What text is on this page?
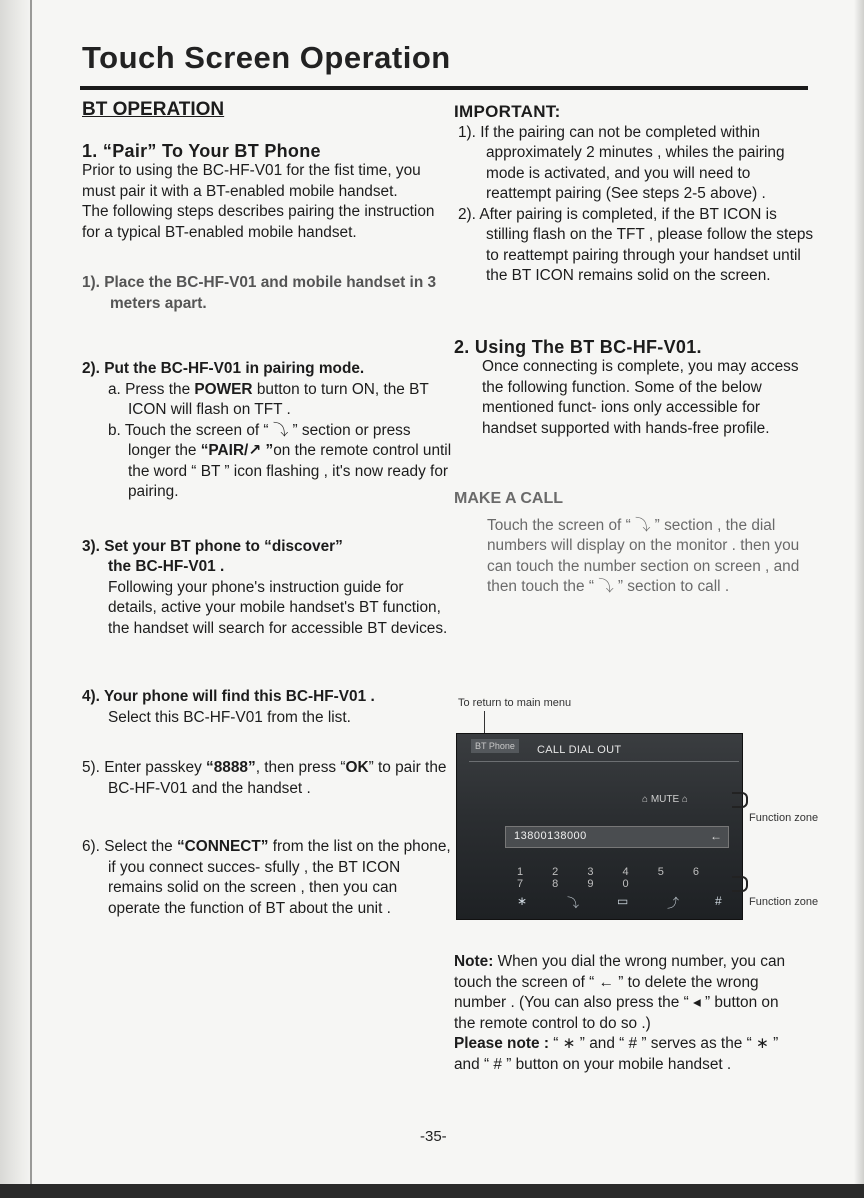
Touch Screen Operation
BT OPERATION
1. “Pair” To Your BT Phone

Prior to using the BC-HF-V01 for the fist time, you must pair it with a BT-enabled mobile handset.

The following steps describes pairing the instruction for a typical BT-enabled mobile handset.

1). Place the BC-HF-V01 and mobile handset in 3 meters apart.

2). Put the BC-HF-V01 in pairing mode.

a. Press the POWER button to turn ON, the BT ICON will flash on TFT .

b. Touch the screen of “ ⤵ ” section or press longer the “PAIR/↗ ”on the remote control until the word “ BT ” icon flashing , it's now ready for pairing.

3). Set your BT phone to “discover”

the BC-HF-V01 .

Following your phone's instruction guide for details, active your mobile handset's BT function, the handset will search for accessible BT devices.

4). Your phone will find this BC-HF-V01 .

Select this BC-HF-V01 from the list.

5). Enter passkey “8888”, then press “OK” to pair the BC-HF-V01 and the handset .

6). Select the “CONNECT” from the list on the phone, if you connect succes- sfully , the BT ICON remains solid on the screen , then you can operate the function of BT about the unit .

IMPORTANT:

1). If the pairing can not be completed within approximately 2 minutes , whiles the pairing mode is activated, and you will need to reattempt pairing (See steps 2-5 above) .

2). After pairing is completed, if the BT ICON is stilling flash on the TFT , please follow the steps to reattempt pairing through your handset until the BT ICON remains solid on the screen.

2. Using The BT BC-HF-V01.

Once connecting is complete, you may access the following function. Some of the below mentioned funct- ions only accessible for handset supported with hands-free profile.

MAKE A CALL

Touch the screen of “ ⤵ ” section , the dial numbers will display on the monitor . then you can touch the number section on screen , and then touch the “ ⤵ ” section to call .

To return to main menu
BT Phone	CALL DIAL OUT
⌂ MUTE ⌂
13800138000	←
1 2 3 4 5 6 7 8 9 0
∗	⤵	▭	⤴	#
Function zone
Function zone

Note: When you dial the wrong number, you can touch the screen of “ ← ” to delete the wrong number . (You can also press the “ ◂ ” button on the remote control to do so .)

Please note : “ ∗ ” and “ # ” serves as the “ ∗ ” and “ # ” button on your mobile handset .

-35-
